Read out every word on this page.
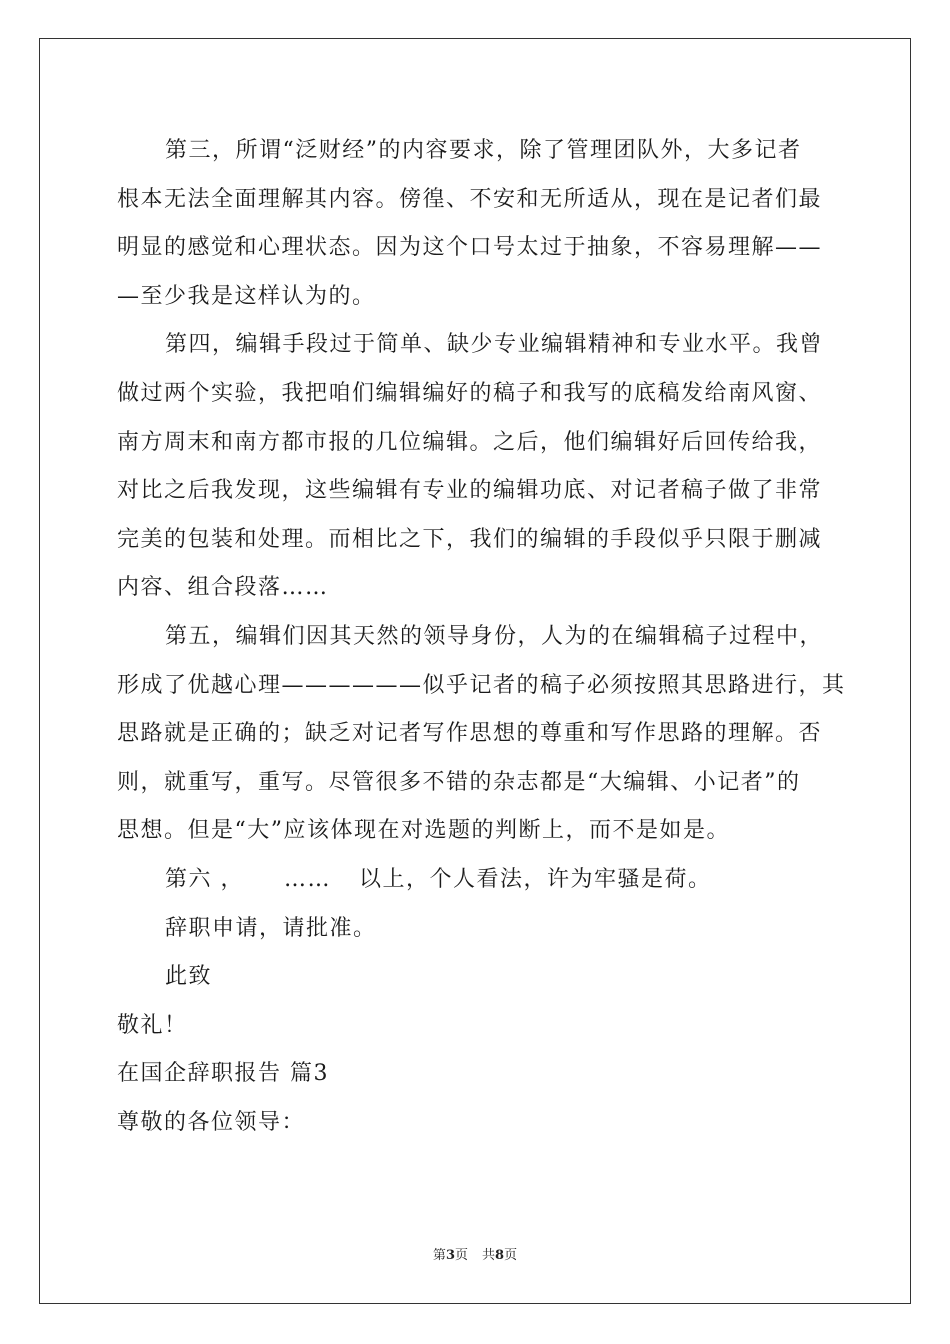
第三，所谓“泛财经”的内容要求，除了管理团队外，大多记者
根本无法全面理解其内容。傍徨、不安和无所适从，现在是记者们最
明显的感觉和心理状态。因为这个口号太过于抽象，不容易理解——
—至少我是这样认为的。
第四，编辑手段过于简单、缺少专业编辑精神和专业水平。我曾
做过两个实验，我把咱们编辑编好的稿子和我写的底稿发给南风窗、
南方周末和南方都市报的几位编辑。之后，他们编辑好后回传给我，
对比之后我发现，这些编辑有专业的编辑功底、对记者稿子做了非常
完美的包装和处理。而相比之下，我们的编辑的手段似乎只限于删减
内容、组合段落……
第五，编辑们因其天然的领导身份，人为的在编辑稿子过程中，
形成了优越心理——————似乎记者的稿子必须按照其思路进行，其
思路就是正确的；缺乏对记者写作思想的尊重和写作思路的理解。否
则，就重写，重写。尽管很多不错的杂志都是“大编辑、小记者”的
思想。但是“大”应该体现在对选题的判断上，而不是如是。
第六 ， …… 以上，个人看法，许为牢骚是荷。
辞职申请，请批准。
此致
敬礼！
在国企辞职报告 篇3
尊敬的各位领导：
第3页 共8页
